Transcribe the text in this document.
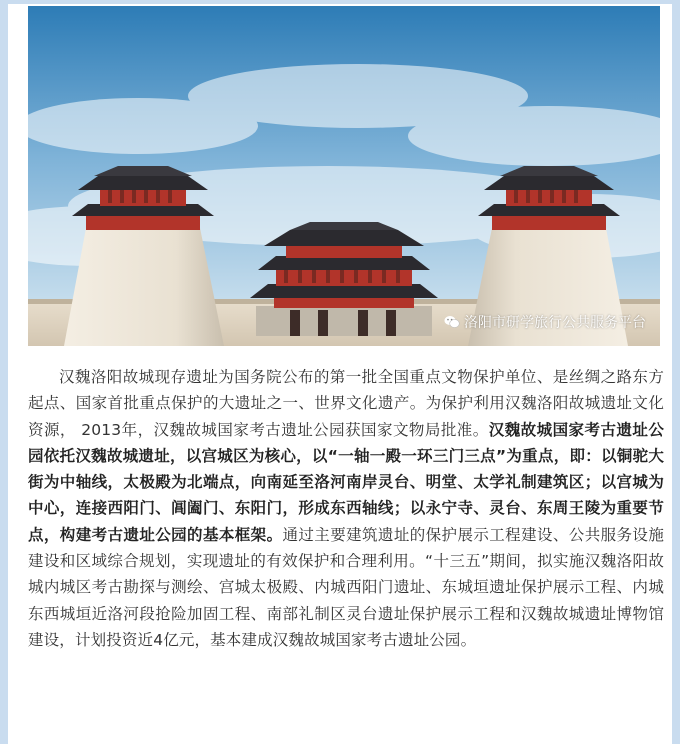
洛阳市研学旅行公共服务平台

汉魏洛阳故城现存遗址为国务院公布的第一批全国重点文物保护单位、是丝绸之路东方起点、国家首批重点保护的大遗址之一、世界文化遗产。为保护利用汉魏洛阳故城遗址文化资源， 2013年，汉魏故城国家考古遗址公园获国家文物局批准。汉魏故城国家考古遗址公园依托汉魏故城遗址，以宫城区为核心，以“一轴一殿一环三门三点”为重点，即：以铜驼大街为中轴线，太极殿为北端点，向南延至洛河南岸灵台、明堂、太学礼制建筑区；以宫城为中心，连接西阳门、阊阖门、东阳门，形成东西轴线；以永宁寺、灵台、东周王陵为重要节点，构建考古遗址公园的基本框架。通过主要建筑遗址的保护展示工程建设、公共服务设施建设和区域综合规划，实现遗址的有效保护和合理利用。“十三五”期间，拟实施汉魏洛阳故城内城区考古勘探与测绘、宫城太极殿、内城西阳门遗址、东城垣遗址保护展示工程、内城东西城垣近洛河段抢险加固工程、南部礼制区灵台遗址保护展示工程和汉魏故城遗址博物馆建设，计划投资近4亿元，基本建成汉魏故城国家考古遗址公园。
